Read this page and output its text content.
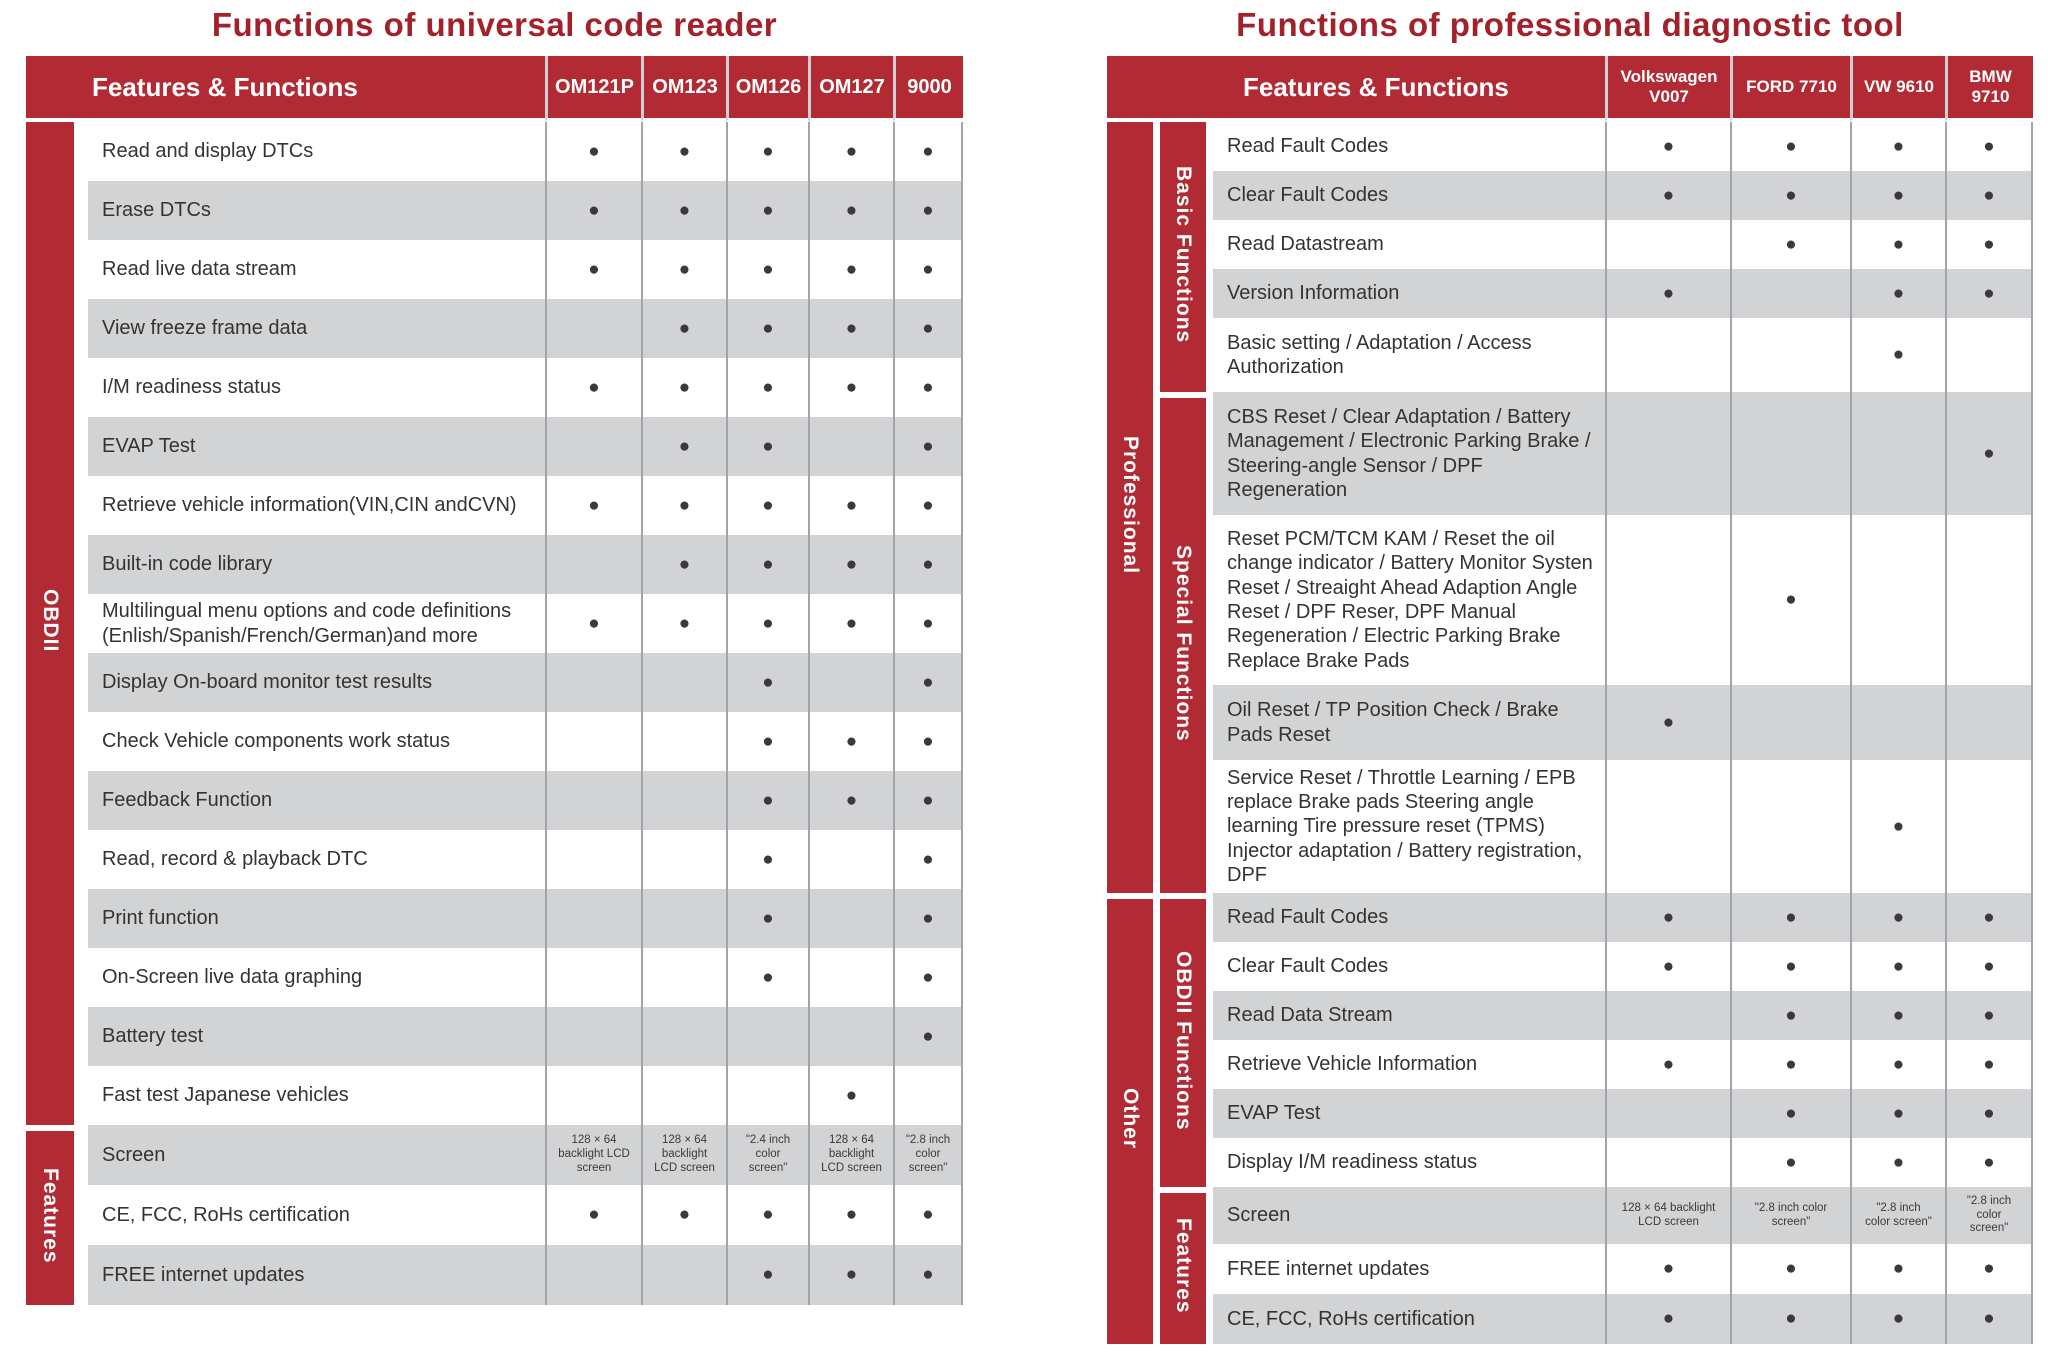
Functions of universal code reader
Features & Functions		OM121P	OM123	OM126	OM127	9000
OBDII	Read and display DTCs	●	●	●	●	●
	Erase DTCs	●	●	●	●	●
	Read live data stream	●	●	●	●	●
	View freeze frame data		●	●	●	●
	I/M readiness status	●	●	●	●	●
	EVAP Test		●	●		●
	Retrieve vehicle information(VIN,CIN andCVN)	●	●	●	●	●
	Built-in code library		●	●	●	●
	Multilingual menu options and code definitions (Enlish/Spanish/French/German)and more	●	●	●	●	●
	Display On-board monitor test results			●		●
	Check Vehicle components work status			●	●	●
	Feedback Function			●	●	●
	Read, record & playback DTC			●		●
	Print function			●		●
	On-Screen live data graphing			●		●
	Battery test					●
	Fast test Japanese vehicles				●	
Features	Screen	128 × 64 backlight LCD screen	128 × 64 backlight LCD screen	"2.4 inch color screen"	128 × 64 backlight LCD screen	"2.8 inch color screen"
	CE, FCC, RoHs certification	●	●	●	●	●
	FREE internet updates			●	●	●
Functions of professional diagnostic tool
Features & Functions			Volkswagen V007	FORD 7710	VW 9610	BMW 9710
Professional	Basic Functions	Read Fault Codes	●	●	●	●
		Clear Fault Codes	●	●	●	●
		Read Datastream		●	●	●
		Version Information	●		●	●
		Basic setting / Adaptation / Access Authorization			●	
	Special Functions	CBS Reset / Clear Adaptation / Battery Management / Electronic Parking Brake / Steering-angle Sensor / DPF Regeneration				●
		Reset PCM/TCM KAM / Reset the oil change indicator / Battery Monitor Systen Reset / Streaight Ahead Adaption Angle Reset / DPF Reser, DPF Manual Regeneration / Electric Parking Brake Replace Brake Pads		●		
		Oil Reset / TP Position Check / Brake Pads Reset	●			
		Service Reset / Throttle Learning / EPB replace Brake pads Steering angle learning Tire pressure reset (TPMS) Injector adaptation / Battery registration， DPF			●	
Other	OBDII Functions	Read Fault Codes	●	●	●	●
		Clear Fault Codes	●	●	●	●
		Read Data Stream		●	●	●
		Retrieve Vehicle Information	●	●	●	●
		EVAP Test		●	●	●
		Display I/M readiness status		●	●	●
	Features	Screen	128 × 64 backlight LCD screen	"2.8 inch color screen"	"2.8 inch color screen"	"2.8 inch color screen"
		FREE internet updates	●	●	●	●
		CE, FCC, RoHs certification	●	●	●	●
